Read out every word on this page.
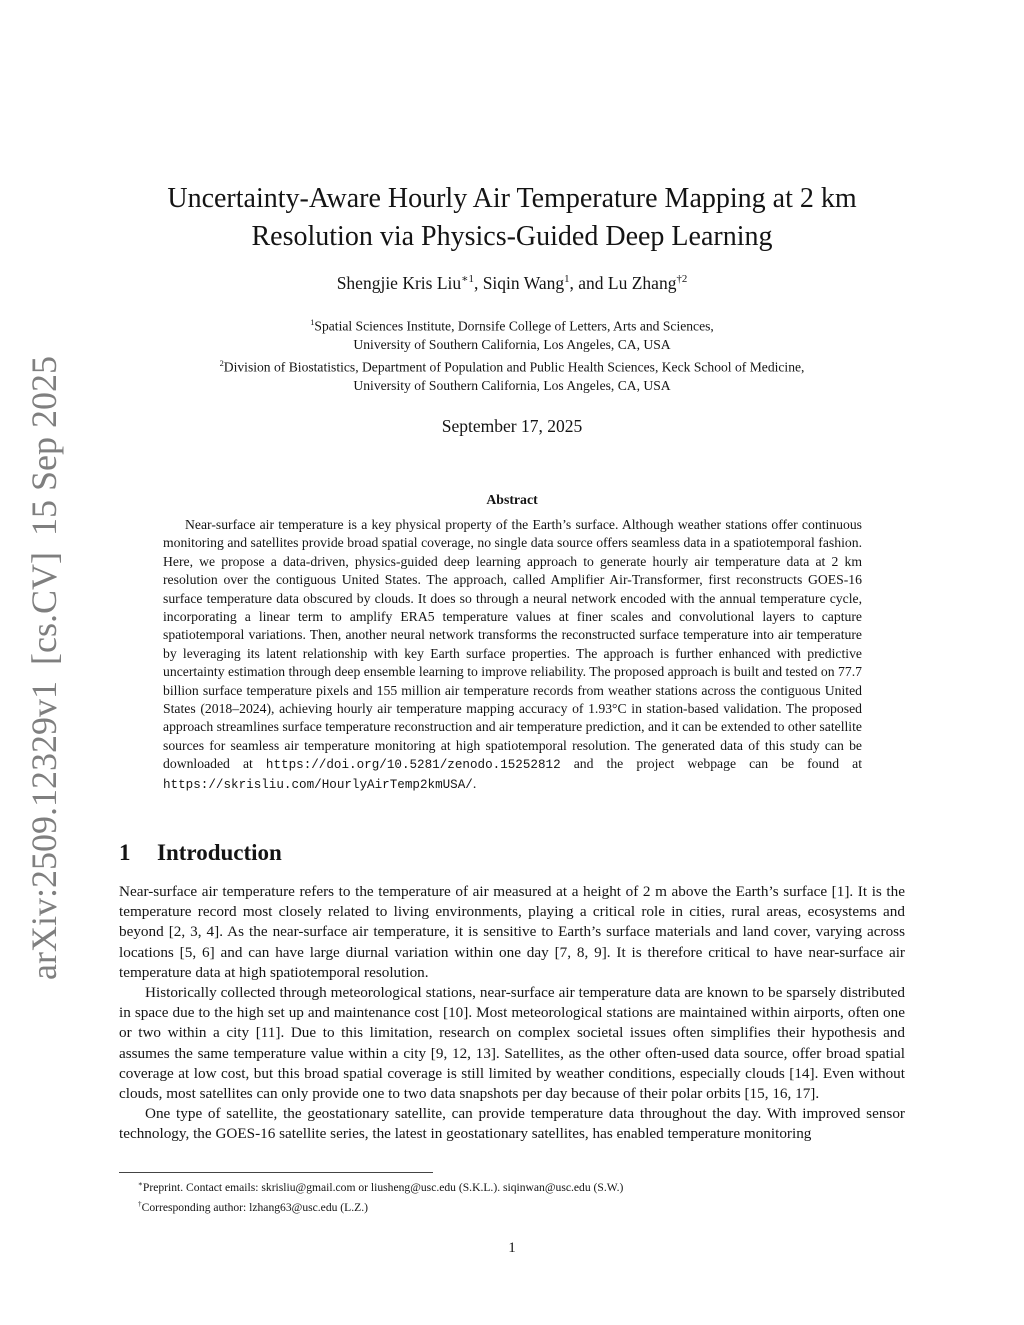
arXiv:2509.12329v1[cs.CV]15 Sep 2025
Uncertainty-Aware Hourly Air Temperature Mapping at 2 km
Resolution via Physics-Guided Deep Learning
Shengjie Kris Liu$^{∗1}$, Siqin Wang$^1$, and Lu Zhang$^{\dagger 2}$
$^1$Spatial Sciences Institute, Dornsife College of Letters, Arts and Sciences,
University of Southern California, Los Angeles, CA, USA
$^2$Division of Biostatistics, Department of Population and Public Health Sciences, Keck School of Medicine,
University of Southern California, Los Angeles, CA, USA
September 17, 2025
Abstract

Near-surface air temperature is a key physical property of the Earth’s surface. Although weather stations offer continuous monitoring and satellites provide broad spatial coverage, no single data source offers seamless data in a spatiotemporal fashion. Here, we propose a data-driven, physics-guided deep learning approach to generate hourly air temperature data at 2 km resolution over the contiguous United States. The approach, called Amplifier Air-Transformer, first reconstructs GOES-16 surface temperature data obscured by clouds. It does so through a neural network encoded with the annual temperature cycle, incorporating a linear term to amplify ERA5 temperature values at finer scales and convolutional layers to capture spatiotemporal variations. Then, another neural network transforms the reconstructed surface temperature into air temperature by leveraging its latent relationship with key Earth surface properties. The approach is further enhanced with predictive uncertainty estimation through deep ensemble learning to improve reliability. The proposed approach is built and tested on 77.7 billion surface temperature pixels and 155 million air temperature records from weather stations across the contiguous United States (2018–2024), achieving hourly air temperature mapping accuracy of 1.93°C in station-based validation. The proposed approach streamlines surface temperature reconstruction and air temperature prediction, and it can be extended to other satellite sources for seamless air temperature monitoring at high spatiotemporal resolution. The generated data of this study can be downloaded at https://doi.org/10.5281/zenodo.15252812 and the project webpage can be found at https://skrisliu.com/HourlyAirTemp2kmUSA/.

1 Introduction

Near-surface air temperature refers to the temperature of air measured at a height of 2 m above the Earth’s surface [1]. It is the temperature record most closely related to living environments, playing a critical role in cities, rural areas, ecosystems and beyond [2, 3, 4]. As the near-surface air temperature, it is sensitive to Earth’s surface materials and land cover, varying across locations [5, 6] and can have large diurnal variation within one day [7, 8, 9]. It is therefore critical to have near-surface air temperature data at high spatiotemporal resolution.

Historically collected through meteorological stations, near-surface air temperature data are known to be sparsely distributed in space due to the high set up and maintenance cost [10]. Most meteorological stations are maintained within airports, often one or two within a city [11]. Due to this limitation, research on complex societal issues often simplifies their hypothesis and assumes the same temperature value within a city [9, 12, 13]. Satellites, as the other often-used data source, offer broad spatial coverage at low cost, but this broad spatial coverage is still limited by weather conditions, especially clouds [14]. Even without clouds, most satellites can only provide one to two data snapshots per day because of their polar orbits [15, 16, 17].

One type of satellite, the geostationary satellite, can provide temperature data throughout the day. With improved sensor technology, the GOES-16 satellite series, the latest in geostationary satellites, has enabled temperature monitoring

∗Preprint. Contact emails: skrisliu@gmail.com or liusheng@usc.edu (S.K.L.). siqinwan@usc.edu (S.W.)
†Corresponding author: lzhang63@usc.edu (L.Z.)
1
